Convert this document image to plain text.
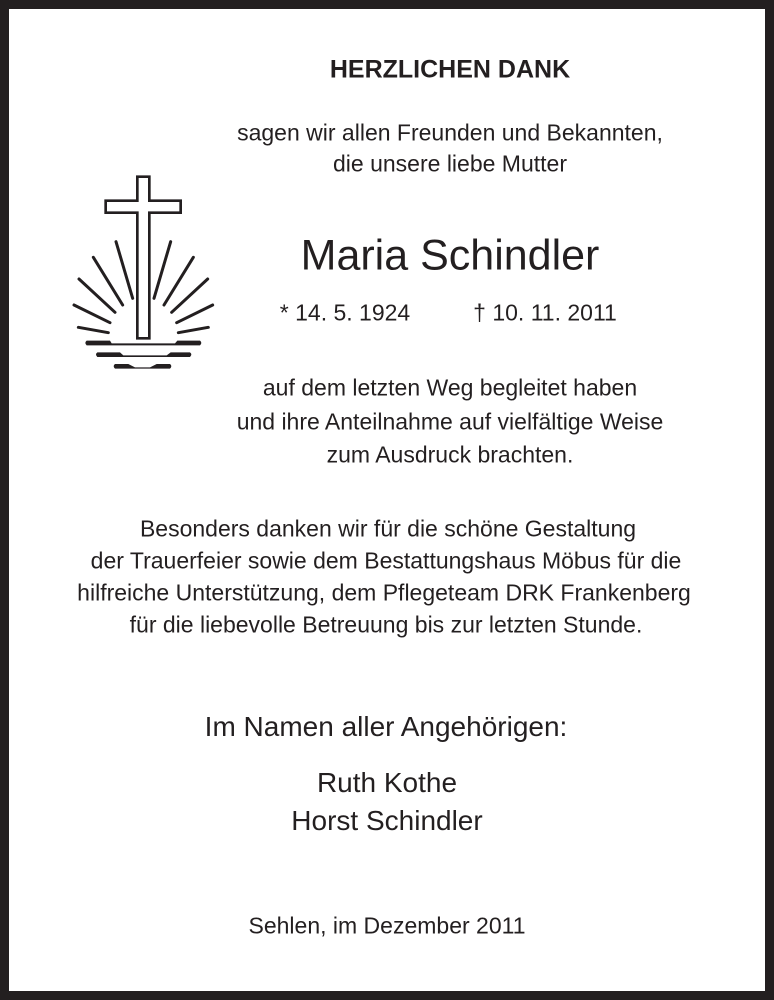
HERZLICHEN DANK
sagen wir allen Freunden und Bekannten,
die unsere liebe Mutter
Maria Schindler
* 14. 5. 1924	† 10. 11. 2011
auf dem letzten Weg begleitet haben
und ihre Anteilnahme auf vielfältige Weise
zum Ausdruck brachten.
Besonders danken wir für die schöne Gestaltung
der Trauerfeier sowie dem Bestattungshaus Möbus für die
hilfreiche Unterstützung, dem Pflegeteam DRK Frankenberg
für die liebevolle Betreuung bis zur letzten Stunde.
Im Namen aller Angehörigen:
Ruth Kothe
Horst Schindler
Sehlen, im Dezember 2011
